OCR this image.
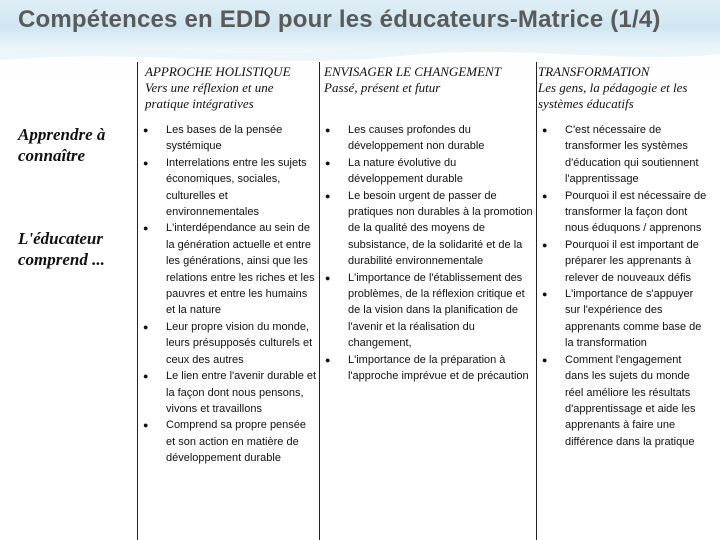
Compétences en EDD pour les éducateurs-Matrice (1/4)
APPROCHE HOLISTIQUE
Vers une réflexion et une pratique intégratives
ENVISAGER LE CHANGEMENT
Passé, présent et futur
TRANSFORMATION
Les gens, la pédagogie et les systèmes éducatifs
Apprendre à connaître
L'éducateur comprend ...
● Les bases de la pensée systémique
● Interrelations entre les sujets économiques, sociales, culturelles et environnementales
● L'interdépendance au sein de la génération actuelle et entre les générations, ainsi que les relations entre les riches et les pauvres et entre les humains et la nature
● Leur propre vision du monde, leurs présupposés culturels et ceux des autres
● Le lien entre l'avenir durable et la façon dont nous pensons, vivons et travaillons
● Comprend sa propre pensée et son action en matière de développement durable
● Les causes profondes du développement non durable
● La nature évolutive du développement durable
● Le besoin urgent de passer de pratiques non durables à la promotion de la qualité des moyens de subsistance, de la solidarité et de la durabilité environnementale
● L'importance de l'établissement des problèmes, de la réflexion critique et de la vision dans la planification de l'avenir et la réalisation du changement,
● L'importance de la préparation à l'approche imprévue et de précaution
● C'est nécessaire de transformer les systèmes d'éducation qui soutiennent l'apprentissage
● Pourquoi il est nécessaire de transformer la façon dont nous éduquons / apprenons
● Pourquoi il est important de préparer les apprenants à relever de nouveaux défis
● L'importance de s'appuyer sur l'expérience des apprenants comme base de la transformation
● Comment l'engagement dans les sujets du monde réel améliore les résultats d'apprentissage et aide les apprenants à faire une différence dans la pratique
